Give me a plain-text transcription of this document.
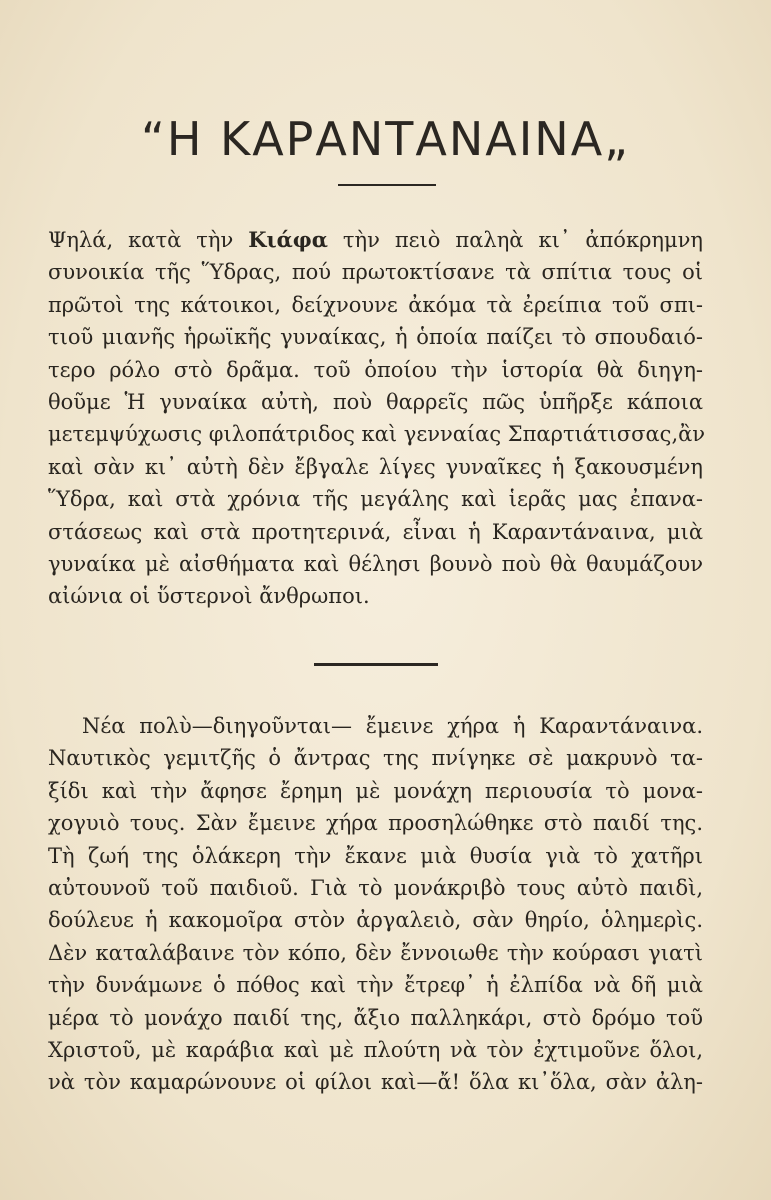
“Η ΚΑΡΑΝΤΑΝΑΙΝΑ„
Ψηλά, κατὰ τὴν Κιάφα τὴν πειὸ παληὰ κι᾿ ἀπόκρημνη
συνοικία τῆς Ὕδρας, πού πρωτοκτίσανε τὰ σπίτια τους οἱ
πρῶτοὶ της κάτοικοι, δείχνουνε ἀκόμα τὰ ἐρείπια τοῦ σπι-
τιοῦ μιανῆς ἡρωϊκῆς γυναίκας, ἡ ὁποία παίζει τὸ σπουδαιό-
τερο ρόλο στὸ δρᾶμα. τοῦ ὁποίου τὴν ἱστορία θὰ διηγη-
θοῦμε Ἡ γυναίκα αὐτὴ, ποὺ θαρρεῖς πῶς ὑπῆρξε κάποια
μετεμψύχωσις φιλοπάτριδος καὶ γενναίας Σπαρτιάτισσας,ἂν
καὶ σὰν κι᾿ αὐτὴ δὲν ἔβγαλε λίγες γυναῖκες ἡ ξακουσμένη
Ὕδρα, καὶ στὰ χρόνια τῆς μεγάλης καὶ ἱερᾶς μας ἐπανα-
στάσεως καὶ στὰ προτητερινά, εἶναι ἡ Καραντάναινα, μιὰ
γυναίκα μὲ αἰσθήματα καὶ θέλησι βουνὸ ποὺ θὰ θαυμάζουν
αἰώνια οἱ ὕστερνοὶ ἄνθρωποι.
Νέα πολὺ—διηγοῦνται— ἔμεινε χήρα ἡ Καραντάναινα.
Ναυτικὸς γεμιτζῆς ὁ ἄντρας της πνίγηκε σὲ μακρυνὸ τα-
ξίδι καὶ τὴν ἄφησε ἔρημη μὲ μονάχη περιουσία τὸ μονα-
χογυιὸ τους. Σὰν ἔμεινε χήρα προσηλώθηκε στὸ παιδί της.
Τὴ ζωή της ὁλάκερη τὴν ἔκανε μιὰ θυσία γιὰ τὸ χατῆρι
αὐτουνοῦ τοῦ παιδιοῦ. Γιὰ τὸ μονάκριβὸ τους αὐτὸ παιδὶ,
δούλευε ἡ κακομοῖρα στὸν ἀργαλειὸ, σὰν θηρίο, ὁλημερὶς.
Δὲν καταλάβαινε τὸν κόπο, δὲν ἔννοιωθε τὴν κούρασι γιατὶ
τὴν δυνάμωνε ὁ πόθος καὶ τὴν ἔτρεφ᾿ ἡ ἐλπίδα νὰ δῆ μιὰ
μέρα τὸ μονάχο παιδί της, ἄξιο παλληκάρι, στὸ δρόμο τοῦ
Χριστοῦ, μὲ καράβια καὶ μὲ πλούτη νὰ τὸν ἐχτιμοῦνε ὅλοι,
νὰ τὸν καμαρώνουνε οἱ φίλοι καὶ—ἄ! ὅλα κι᾿ὅλα, σὰν ἀλη-
